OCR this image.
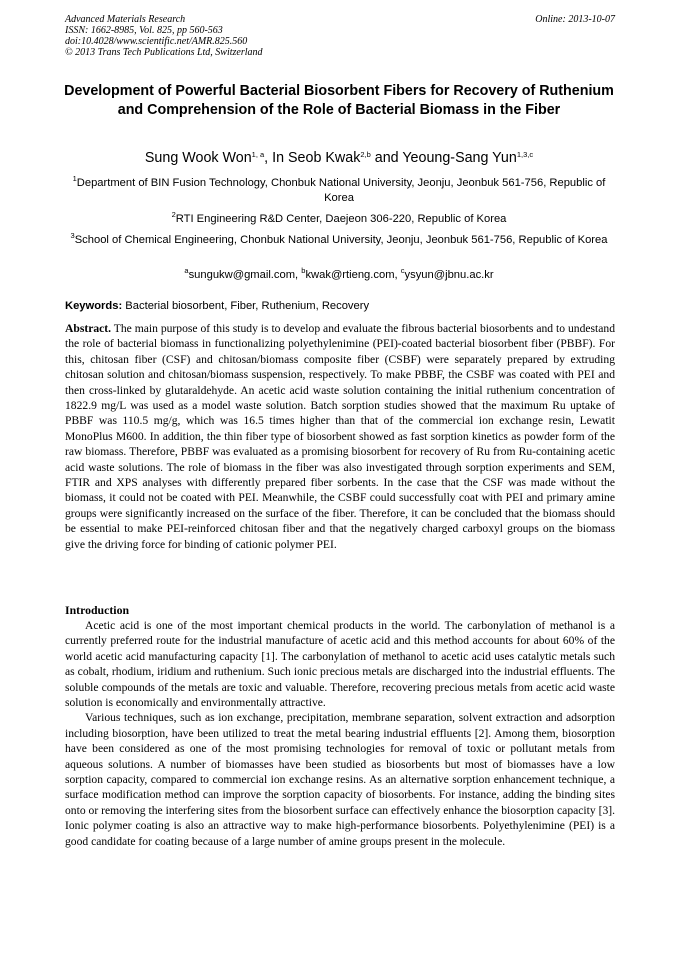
Advanced Materials Research
ISSN: 1662-8985, Vol. 825, pp 560-563
doi:10.4028/www.scientific.net/AMR.825.560
© 2013 Trans Tech Publications Ltd, Switzerland
Online: 2013-10-07
Development of Powerful Bacterial Biosorbent Fibers for Recovery of Ruthenium and Comprehension of the Role of Bacterial Biomass in the Fiber
Sung Wook Won$^{1, a}$, In Seob Kwak$^{2,b}$ and Yeoung-Sang Yun$^{1,3,c}$
$^1$Department of BIN Fusion Technology, Chonbuk National University, Jeonju, Jeonbuk 561-756, Republic of Korea
$^2$RTI Engineering R&D Center, Daejeon 306-220, Republic of Korea
$^3$School of Chemical Engineering, Chonbuk National University, Jeonju, Jeonbuk 561-756, Republic of Korea
$^a$sungukw@gmail.com, $^b$kwak@rtieng.com, $^c$ysyun@jbnu.ac.kr
Keywords: Bacterial biosorbent, Fiber, Ruthenium, Recovery
Abstract. The main purpose of this study is to develop and evaluate the fibrous bacterial biosorbents and to undestand the role of bacterial biomass in functionalizing polyethylenimine (PEI)-coated bacterial biosorbent fiber (PBBF). For this, chitosan fiber (CSF) and chitosan/biomass composite fiber (CSBF) were separately prepared by extruding chitosan solution and chitosan/biomass suspension, respectively. To make PBBF, the CSBF was coated with PEI and then cross-linked by glutaraldehyde. An acetic acid waste solution containing the initial ruthenium concentration of 1822.9 mg/L was used as a model waste solution. Batch sorption studies showed that the maximum Ru uptake of PBBF was 110.5 mg/g, which was 16.5 times higher than that of the commercial ion exchange resin, Lewatit MonoPlus M600. In addition, the thin fiber type of biosorbent showed as fast sorption kinetics as powder form of the raw biomass. Therefore, PBBF was evaluated as a promising biosorbent for recovery of Ru from Ru-containing acetic acid waste solutions. The role of biomass in the fiber was also investigated through sorption experiments and SEM, FTIR and XPS analyses with differently prepared fiber sorbents. In the case that the CSF was made without the biomass, it could not be coated with PEI. Meanwhile, the CSBF could successfully coat with PEI and primary amine groups were significantly increased on the surface of the fiber. Therefore, it can be concluded that the biomass should be essential to make PEI-reinforced chitosan fiber and that the negatively charged carboxyl groups on the biomass give the driving force for binding of cationic polymer PEI.
Introduction

Acetic acid is one of the most important chemical products in the world. The carbonylation of methanol is a currently preferred route for the industrial manufacture of acetic acid and this method accounts for about 60% of the world acetic acid manufacturing capacity [1]. The carbonylation of methanol to acetic acid uses catalytic metals such as cobalt, rhodium, iridium and ruthenium. Such ionic precious metals are discharged into the industrial effluents. The soluble compounds of the metals are toxic and valuable. Therefore, recovering precious metals from acetic acid waste solution is economically and environmentally attractive.

Various techniques, such as ion exchange, precipitation, membrane separation, solvent extraction and adsorption including biosorption, have been utilized to treat the metal bearing industrial effluents [2]. Among them, biosorption have been considered as one of the most promising technologies for removal of toxic or pollutant metals from aqueous solutions. A number of biomasses have been studied as biosorbents but most of biomasses have a low sorption capacity, compared to commercial ion exchange resins. As an alternative sorption enhancement technique, a surface modification method can improve the sorption capacity of biosorbents. For instance, adding the binding sites onto or removing the interfering sites from the biosorbent surface can effectively enhance the biosorption capacity [3]. Ionic polymer coating is also an attractive way to make high-performance biosorbents. Polyethylenimine (PEI) is a good candidate for coating because of a large number of amine groups present in the molecule.
